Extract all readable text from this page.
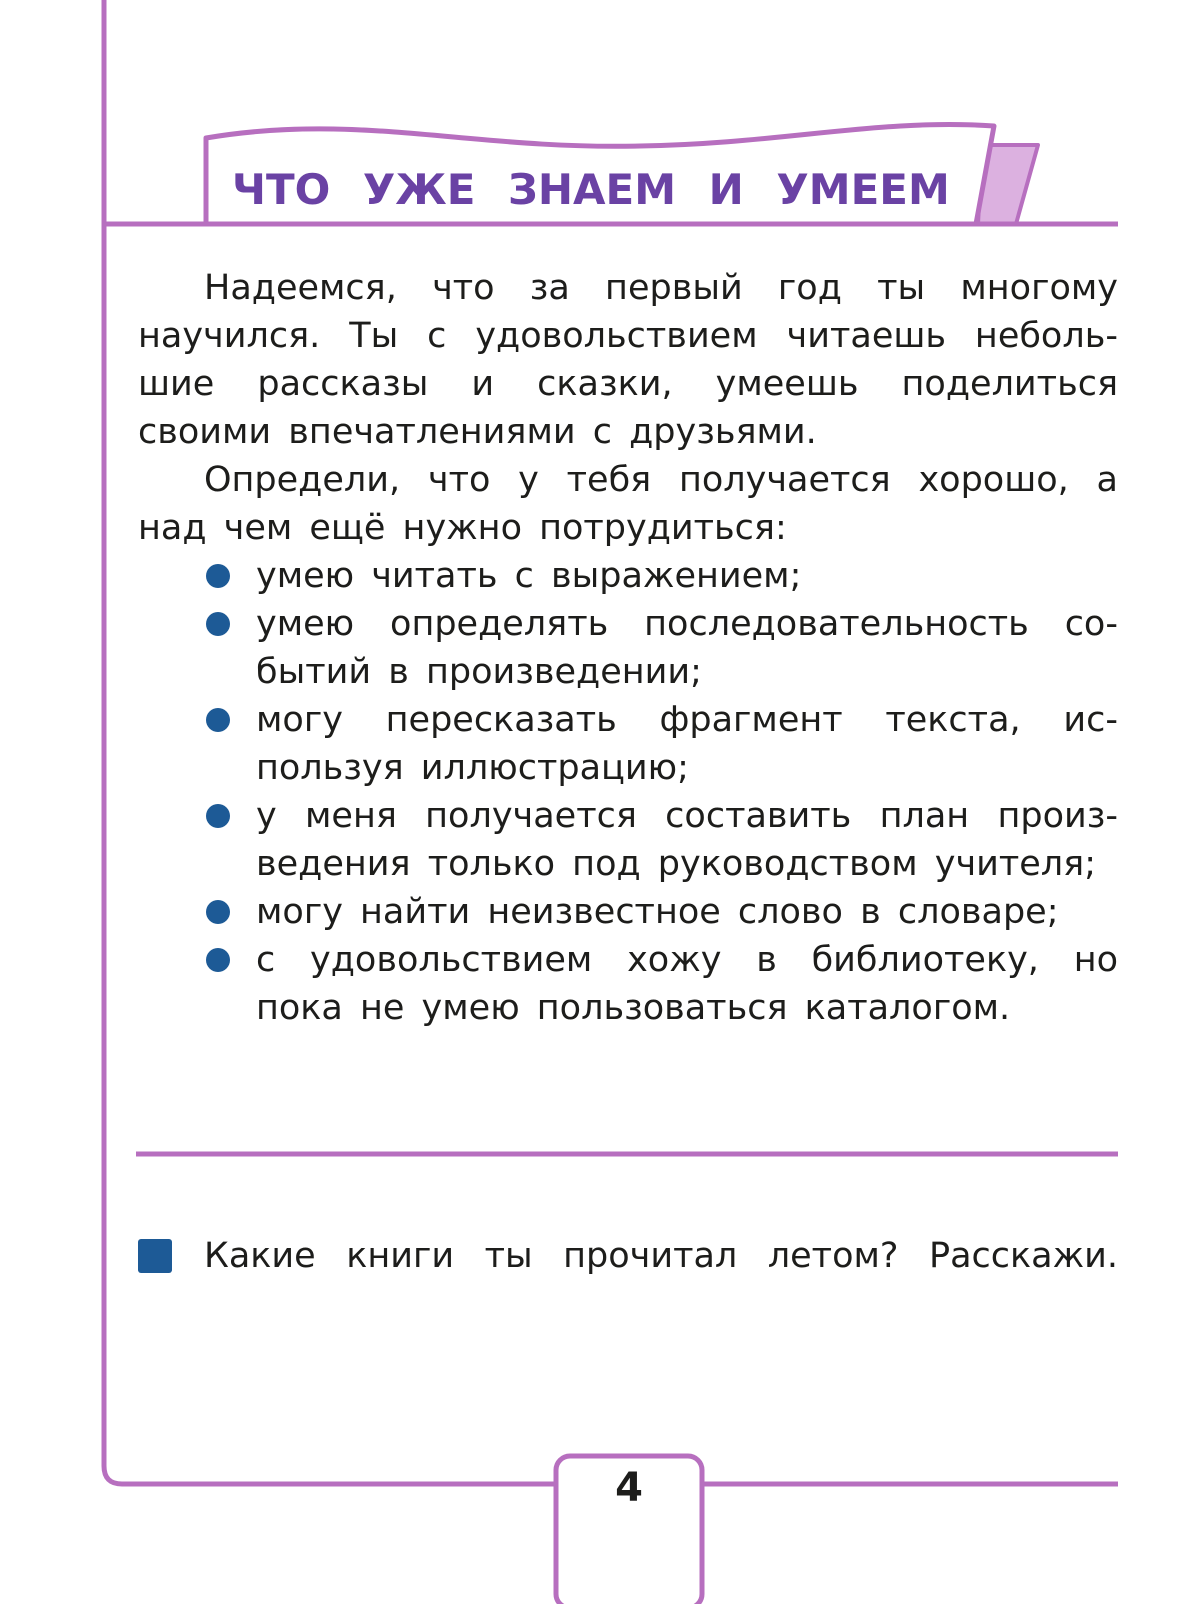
ЧТО УЖЕ ЗНАЕМ И УМЕЕМ

Надеемся, что за первый год ты многому научился. Ты с удовольствием читаешь небольшие рассказы и сказки, умеешь поделиться своими впечатлениями с друзьями.

Определи, что у тебя получается хорошо, а над чем ещё нужно потрудиться:

умею читать с выражением;
умею определять последовательность событий в произведении;
могу пересказать фрагмент текста, используя иллюстрацию;
у меня получается составить план произведения только под руководством учителя;
могу найти неизвестное слово в словаре;
с удовольствием хожу в библиотеку, но пока не умею пользоваться каталогом.
Какие книги ты прочитал летом? Расскажи.
4
